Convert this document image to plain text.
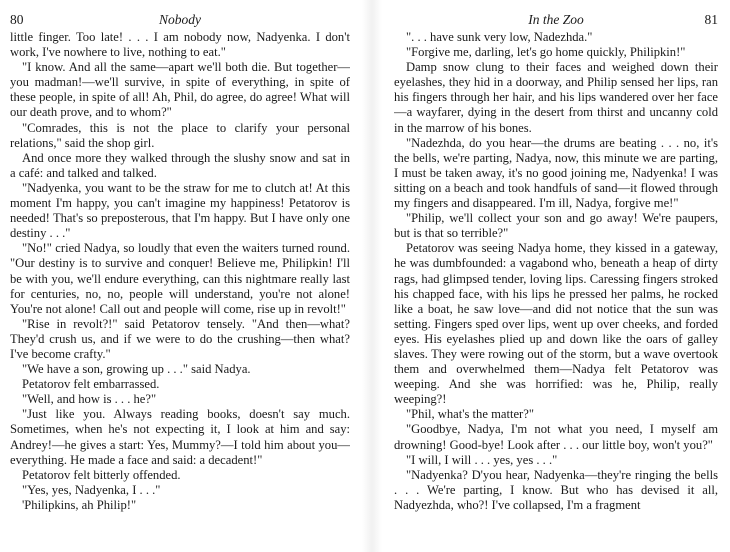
80	Nobody

little finger. Too late! . . . I am nobody now, Nadyenka. I don't work, I've nowhere to live, nothing to eat."

"I know. And all the same—apart we'll both die. But together—you madman!—we'll survive, in spite of everything, in spite of these people, in spite of all! Ah, Phil, do agree, do agree! What will our death prove, and to whom?"

"Comrades, this is not the place to clarify your personal relations," said the shop girl.

And once more they walked through the slushy snow and sat in a café: and talked and talked.

"Nadyenka, you want to be the straw for me to clutch at! At this moment I'm happy, you can't imagine my happiness! Petatorov is needed! That's so preposterous, that I'm happy. But I have only one destiny . . ."

"No!" cried Nadya, so loudly that even the waiters turned round. "Our destiny is to survive and conquer! Believe me, Philipkin! I'll be with you, we'll endure everything, can this nightmare really last for centuries, no, no, people will understand, you're not alone! You're not alone! Call out and people will come, rise up in revolt!"

"Rise in revolt?!" said Petatorov tensely. "And then—what? They'd crush us, and if we were to do the crushing—then what? I've become crafty."

"We have a son, growing up . . ." said Nadya.

Petatorov felt embarrassed.

"Well, and how is . . . he?"

"Just like you. Always reading books, doesn't say much. Sometimes, when he's not expecting it, I look at him and say: Andrey!—he gives a start: Yes, Mummy?—I told him about you—everything. He made a face and said: a decadent!"

Petatorov felt bitterly offended.

"Yes, yes, Nadyenka, I . . ."

'Philipkins, ah Philip!"

In the Zoo	81

". . . have sunk very low, Nadezhda."

"Forgive me, darling, let's go home quickly, Philipkin!"

Damp snow clung to their faces and weighed down their eyelashes, they hid in a doorway, and Philip sensed her lips, ran his fingers through her hair, and his lips wandered over her face—a wayfarer, dying in the desert from thirst and uncanny cold in the marrow of his bones.

"Nadezhda, do you hear—the drums are beating . . . no, it's the bells, we're parting, Nadya, now, this minute we are parting, I must be taken away, it's no good joining me, Nadyenka! I was sitting on a beach and took handfuls of sand—it flowed through my fingers and disappeared. I'm ill, Nadya, forgive me!"

"Philip, we'll collect your son and go away! We're paupers, but is that so terrible?"

Petatorov was seeing Nadya home, they kissed in a gateway, he was dumbfounded: a vagabond who, beneath a heap of dirty rags, had glimpsed tender, loving lips. Caressing fingers stroked his chapped face, with his lips he pressed her palms, he rocked like a boat, he saw love—and did not notice that the sun was setting. Fingers sped over lips, went up over cheeks, and forded eyes. His eyelashes plied up and down like the oars of galley slaves. They were rowing out of the storm, but a wave overtook them and overwhelmed them—Nadya felt Petatorov was weeping. And she was horrified: was he, Philip, really weeping?!

"Phil, what's the matter?"

"Goodbye, Nadya, I'm not what you need, I myself am drowning! Good-bye! Look after . . . our little boy, won't you?"

"I will, I will . . . yes, yes . . ."

"Nadyenka? D'you hear, Nadyenka—they're ringing the bells . . . We're parting, I know. But who has devised it all, Nadyezhda, who?! I've collapsed, I'm a fragment
